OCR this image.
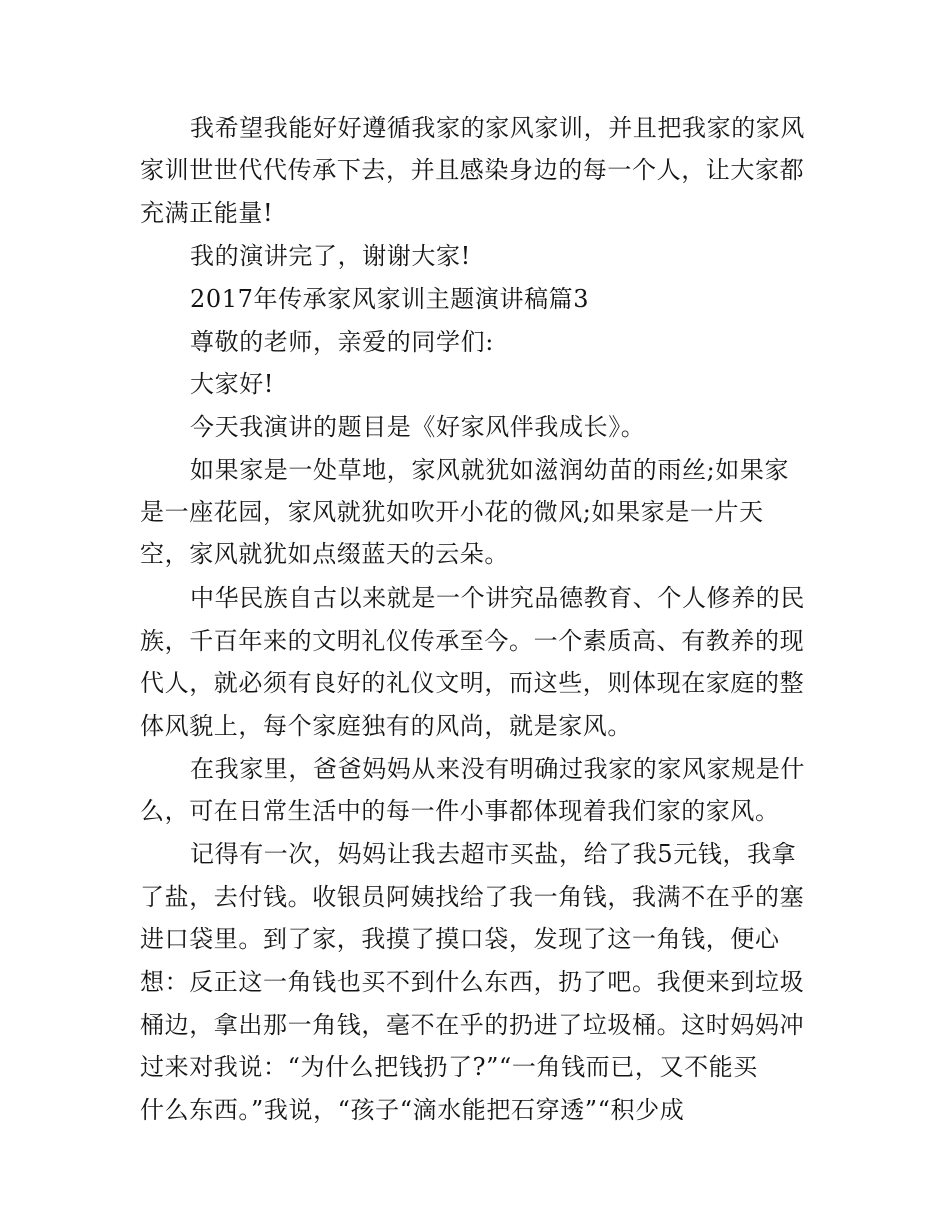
我希望我能好好遵循我家的家风家训，并且把我家的家风

家训世世代代传承下去，并且感染身边的每一个人，让大家都

充满正能量!

我的演讲完了，谢谢大家!

2017年传承家风家训主题演讲稿篇3

尊敬的老师，亲爱的同学们:

大家好!

今天我演讲的题目是《好家风伴我成长》。

如果家是一处草地，家风就犹如滋润幼苗的雨丝;如果家

是一座花园，家风就犹如吹开小花的微风;如果家是一片天

空，家风就犹如点缀蓝天的云朵。

中华民族自古以来就是一个讲究品德教育、个人修养的民

族，千百年来的文明礼仪传承至今。一个素质高、有教养的现

代人，就必须有良好的礼仪文明，而这些，则体现在家庭的整

体风貌上，每个家庭独有的风尚，就是家风。

在我家里，爸爸妈妈从来没有明确过我家的家风家规是什

么，可在日常生活中的每一件小事都体现着我们家的家风。

记得有一次，妈妈让我去超市买盐，给了我5元钱，我拿

了盐，去付钱。收银员阿姨找给了我一角钱，我满不在乎的塞

进口袋里。到了家，我摸了摸口袋，发现了这一角钱，便心

想：反正这一角钱也买不到什么东西，扔了吧。我便来到垃圾

桶边，拿出那一角钱，毫不在乎的扔进了垃圾桶。这时妈妈冲

过来对我说：“为什么把钱扔了?”“一角钱而已，又不能买

什么东西。”我说，“孩子“滴水能把石穿透”“积少成
